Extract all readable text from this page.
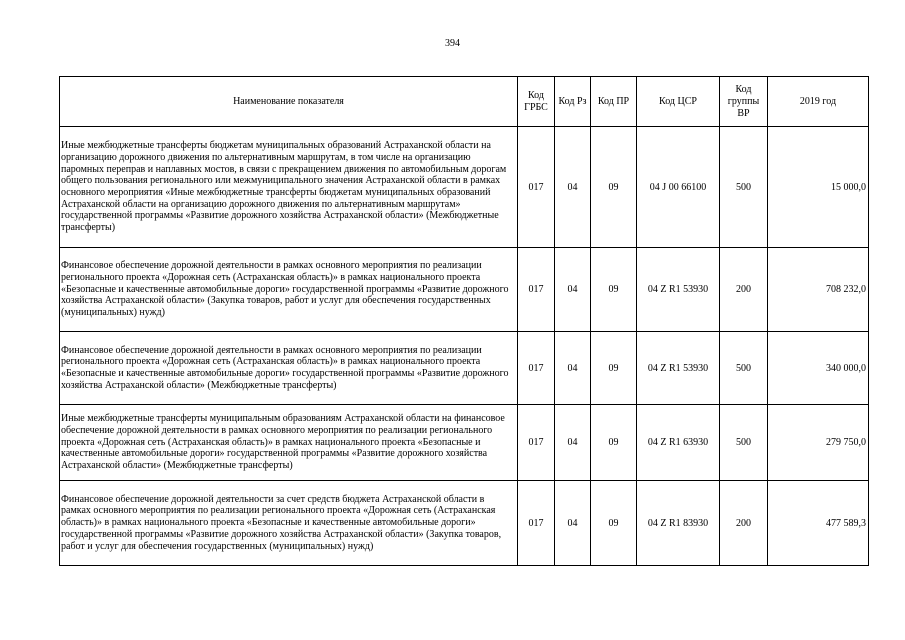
394
Наименование показателя	Код ГРБС	Код Рз	Код ПР	Код ЦСР	Код группы ВР	2019 год
Иные межбюджетные трансферты бюджетам муниципальных образований Астраханской области на организацию дорожного движения по альтернативным маршрутам, в том числе на организацию паромных переправ и наплавных мостов, в связи с прекращением движения по автомобильным дорогам общего пользования регионального или межмуниципального значения Астраханской области в рамках основного мероприятия «Иные межбюджетные трансферты бюджетам муниципальных образований Астраханской области на организацию дорожного движения по альтернативным маршрутам» государственной программы «Развитие дорожного хозяйства Астраханской области» (Межбюджетные трансферты)	017	04	09	04 J 00 66100	500	15 000,0
Финансовое обеспечение дорожной деятельности в рамках основного мероприятия по реализации регионального проекта «Дорожная сеть (Астраханская область)» в рамках национального проекта «Безопасные и качественные автомобильные дороги» государственной программы «Развитие дорожного хозяйства Астраханской области» (Закупка товаров, работ и услуг для обеспечения государственных (муниципальных) нужд)	017	04	09	04 Z R1 53930	200	708 232,0
Финансовое обеспечение дорожной деятельности в рамках основного мероприятия по реализации регионального проекта «Дорожная сеть (Астраханская область)» в рамках национального проекта «Безопасные и качественные автомобильные дороги» государственной программы «Развитие дорожного хозяйства Астраханской области» (Межбюджетные трансферты)	017	04	09	04 Z R1 53930	500	340 000,0
Иные межбюджетные трансферты муниципальным образованиям Астраханской области на финансовое обеспечение дорожной деятельности в рамках основного мероприятия по реализации регионального проекта «Дорожная сеть (Астраханская область)» в рамках национального проекта «Безопасные и качественные автомобильные дороги» государственной программы «Развитие дорожного хозяйства Астраханской области» (Межбюджетные трансферты)	017	04	09	04 Z R1 63930	500	279 750,0
Финансовое обеспечение дорожной деятельности за счет средств бюджета Астраханской области в рамках основного мероприятия по реализации регионального проекта «Дорожная сеть (Астраханская область)» в рамках национального проекта «Безопасные и качественные автомобильные дороги» государственной программы «Развитие дорожного хозяйства Астраханской области» (Закупка товаров, работ и услуг для обеспечения государственных (муниципальных) нужд)	017	04	09	04 Z R1 83930	200	477 589,3
